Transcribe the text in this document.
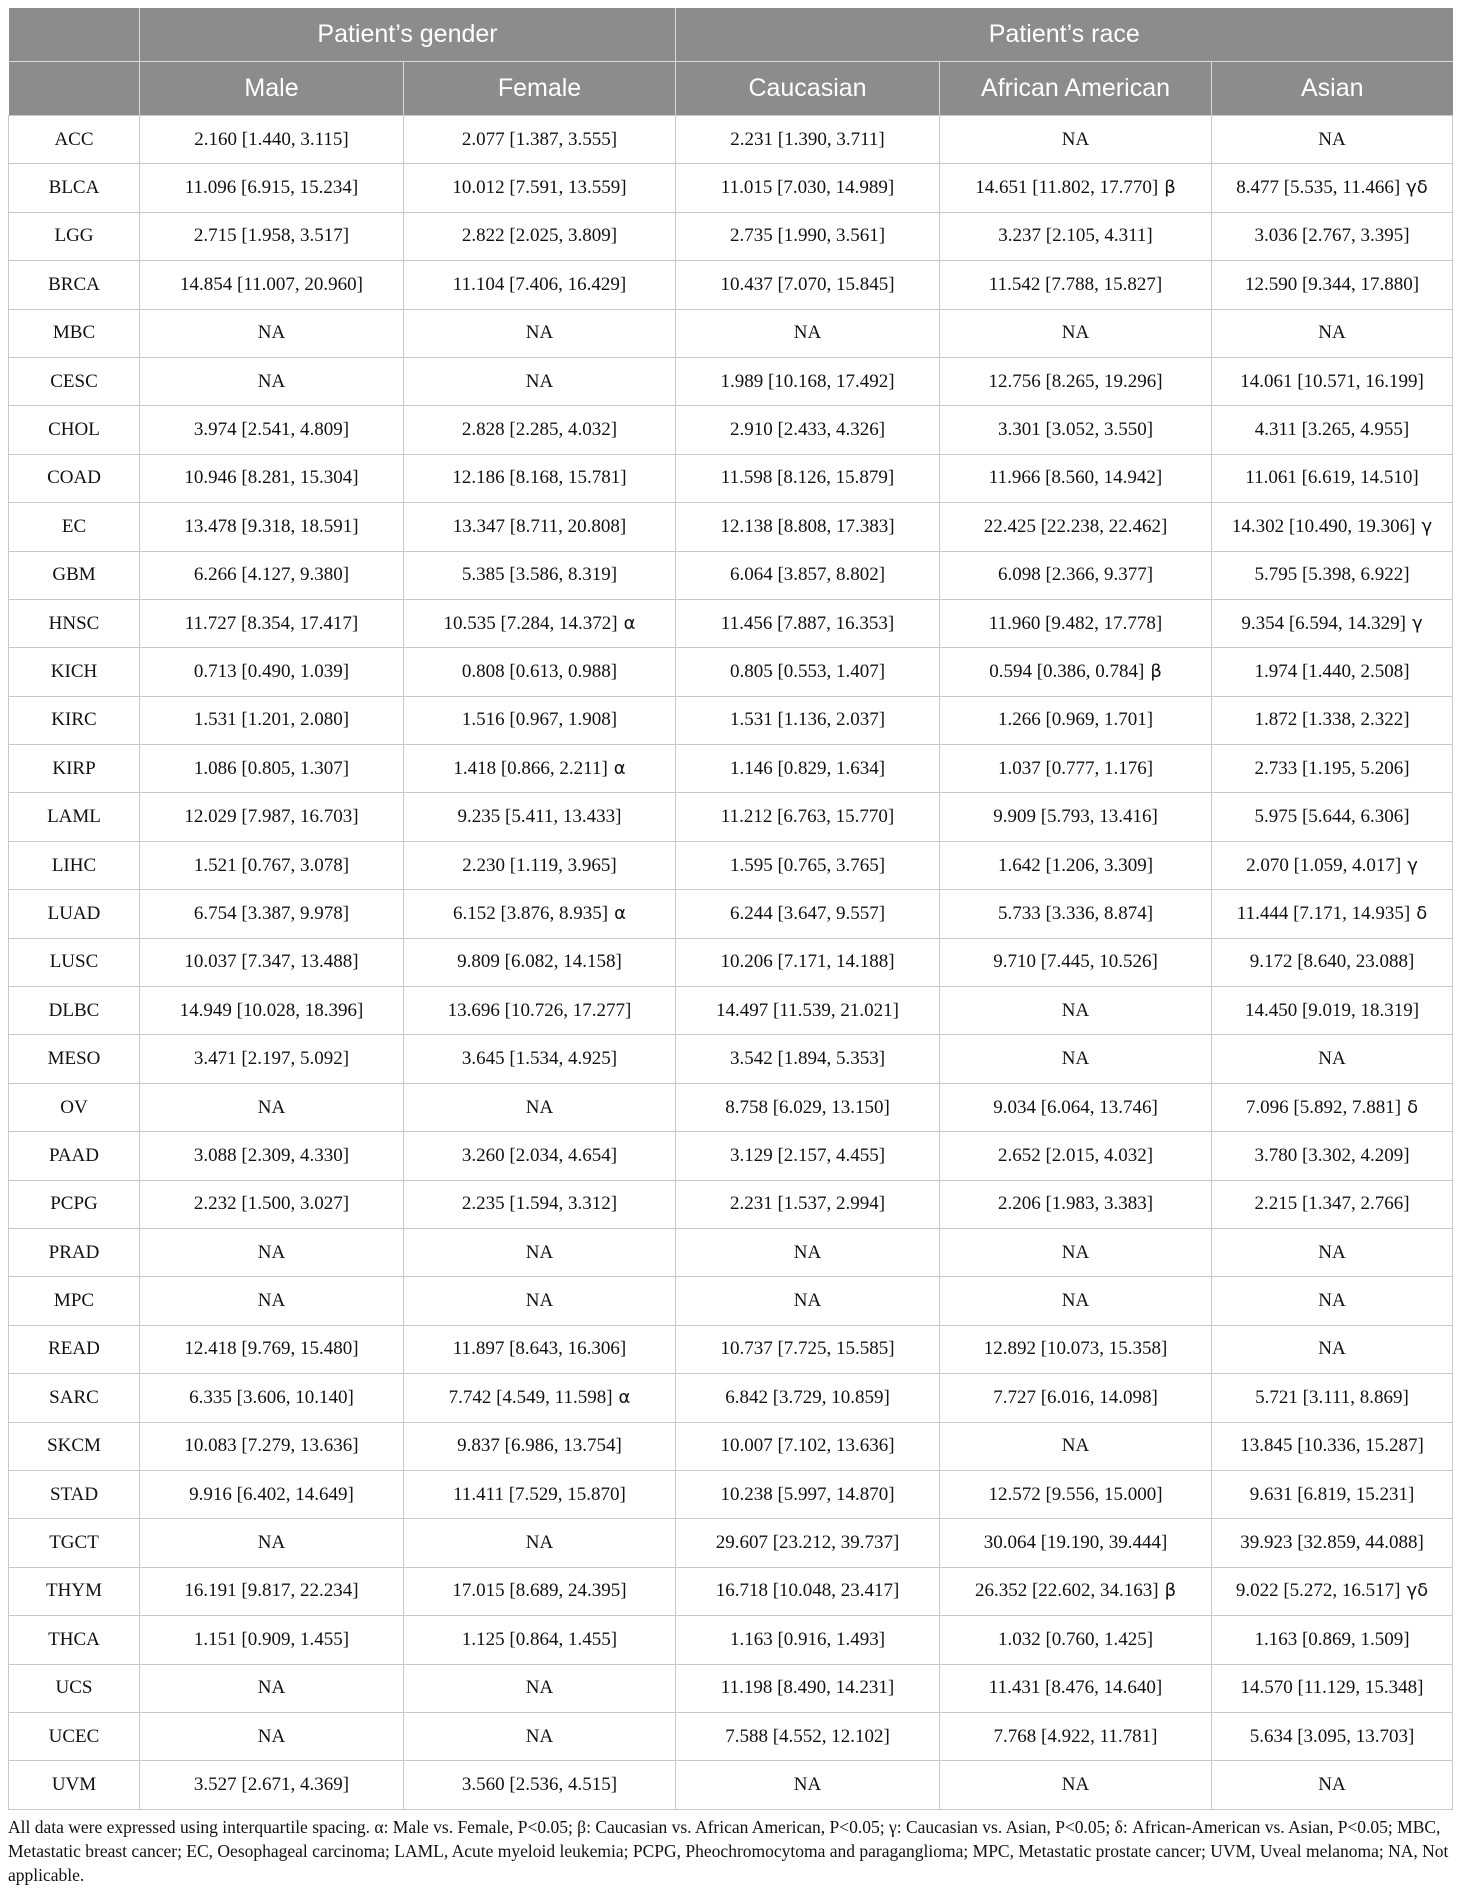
	Patient’s gender		Patient’s race		
	Male	Female	Caucasian	African American	Asian
ACC	2.160 [1.440, 3.115]	2.077 [1.387, 3.555]	2.231 [1.390, 3.711]	NA	NA
BLCA	11.096 [6.915, 15.234]	10.012 [7.591, 13.559]	11.015 [7.030, 14.989]	14.651 [11.802, 17.770] β	8.477 [5.535, 11.466] γδ
LGG	2.715 [1.958, 3.517]	2.822 [2.025, 3.809]	2.735 [1.990, 3.561]	3.237 [2.105, 4.311]	3.036 [2.767, 3.395]
BRCA	14.854 [11.007, 20.960]	11.104 [7.406, 16.429]	10.437 [7.070, 15.845]	11.542 [7.788, 15.827]	12.590 [9.344, 17.880]
MBC	NA	NA	NA	NA	NA
CESC	NA	NA	1.989 [10.168, 17.492]	12.756 [8.265, 19.296]	14.061 [10.571, 16.199]
CHOL	3.974 [2.541, 4.809]	2.828 [2.285, 4.032]	2.910 [2.433, 4.326]	3.301 [3.052, 3.550]	4.311 [3.265, 4.955]
COAD	10.946 [8.281, 15.304]	12.186 [8.168, 15.781]	11.598 [8.126, 15.879]	11.966 [8.560, 14.942]	11.061 [6.619, 14.510]
EC	13.478 [9.318, 18.591]	13.347 [8.711, 20.808]	12.138 [8.808, 17.383]	22.425 [22.238, 22.462]	14.302 [10.490, 19.306] γ
GBM	6.266 [4.127, 9.380]	5.385 [3.586, 8.319]	6.064 [3.857, 8.802]	6.098 [2.366, 9.377]	5.795 [5.398, 6.922]
HNSC	11.727 [8.354, 17.417]	10.535 [7.284, 14.372] α	11.456 [7.887, 16.353]	11.960 [9.482, 17.778]	9.354 [6.594, 14.329] γ
KICH	0.713 [0.490, 1.039]	0.808 [0.613, 0.988]	0.805 [0.553, 1.407]	0.594 [0.386, 0.784] β	1.974 [1.440, 2.508]
KIRC	1.531 [1.201, 2.080]	1.516 [0.967, 1.908]	1.531 [1.136, 2.037]	1.266 [0.969, 1.701]	1.872 [1.338, 2.322]
KIRP	1.086 [0.805, 1.307]	1.418 [0.866, 2.211] α	1.146 [0.829, 1.634]	1.037 [0.777, 1.176]	2.733 [1.195, 5.206]
LAML	12.029 [7.987, 16.703]	9.235 [5.411, 13.433]	11.212 [6.763, 15.770]	9.909 [5.793, 13.416]	5.975 [5.644, 6.306]
LIHC	1.521 [0.767, 3.078]	2.230 [1.119, 3.965]	1.595 [0.765, 3.765]	1.642 [1.206, 3.309]	2.070 [1.059, 4.017] γ
LUAD	6.754 [3.387, 9.978]	6.152 [3.876, 8.935] α	6.244 [3.647, 9.557]	5.733 [3.336, 8.874]	11.444 [7.171, 14.935] δ
LUSC	10.037 [7.347, 13.488]	9.809 [6.082, 14.158]	10.206 [7.171, 14.188]	9.710 [7.445, 10.526]	9.172 [8.640, 23.088]
DLBC	14.949 [10.028, 18.396]	13.696 [10.726, 17.277]	14.497 [11.539, 21.021]	NA	14.450 [9.019, 18.319]
MESO	3.471 [2.197, 5.092]	3.645 [1.534, 4.925]	3.542 [1.894, 5.353]	NA	NA
OV	NA	NA	8.758 [6.029, 13.150]	9.034 [6.064, 13.746]	7.096 [5.892, 7.881] δ
PAAD	3.088 [2.309, 4.330]	3.260 [2.034, 4.654]	3.129 [2.157, 4.455]	2.652 [2.015, 4.032]	3.780 [3.302, 4.209]
PCPG	2.232 [1.500, 3.027]	2.235 [1.594, 3.312]	2.231 [1.537, 2.994]	2.206 [1.983, 3.383]	2.215 [1.347, 2.766]
PRAD	NA	NA	NA	NA	NA
MPC	NA	NA	NA	NA	NA
READ	12.418 [9.769, 15.480]	11.897 [8.643, 16.306]	10.737 [7.725, 15.585]	12.892 [10.073, 15.358]	NA
SARC	6.335 [3.606, 10.140]	7.742 [4.549, 11.598] α	6.842 [3.729, 10.859]	7.727 [6.016, 14.098]	5.721 [3.111, 8.869]
SKCM	10.083 [7.279, 13.636]	9.837 [6.986, 13.754]	10.007 [7.102, 13.636]	NA	13.845 [10.336, 15.287]
STAD	9.916 [6.402, 14.649]	11.411 [7.529, 15.870]	10.238 [5.997, 14.870]	12.572 [9.556, 15.000]	9.631 [6.819, 15.231]
TGCT	NA	NA	29.607 [23.212, 39.737]	30.064 [19.190, 39.444]	39.923 [32.859, 44.088]
THYM	16.191 [9.817, 22.234]	17.015 [8.689, 24.395]	16.718 [10.048, 23.417]	26.352 [22.602, 34.163] β	9.022 [5.272, 16.517] γδ
THCA	1.151 [0.909, 1.455]	1.125 [0.864, 1.455]	1.163 [0.916, 1.493]	1.032 [0.760, 1.425]	1.163 [0.869, 1.509]
UCS	NA	NA	11.198 [8.490, 14.231]	11.431 [8.476, 14.640]	14.570 [11.129, 15.348]
UCEC	NA	NA	7.588 [4.552, 12.102]	7.768 [4.922, 11.781]	5.634 [3.095, 13.703]
UVM	3.527 [2.671, 4.369]	3.560 [2.536, 4.515]	NA	NA	NA
All data were expressed using interquartile spacing. α: Male vs. Female, P<0.05; β: Caucasian vs. African American, P<0.05; γ: Caucasian vs. Asian, P<0.05; δ: African-American vs. Asian, P<0.05; MBC, Metastatic breast cancer; EC, Oesophageal carcinoma; LAML, Acute myeloid leukemia; PCPG, Pheochromocytoma and paraganglioma; MPC, Metastatic prostate cancer; UVM, Uveal melanoma; NA, Not applicable.
